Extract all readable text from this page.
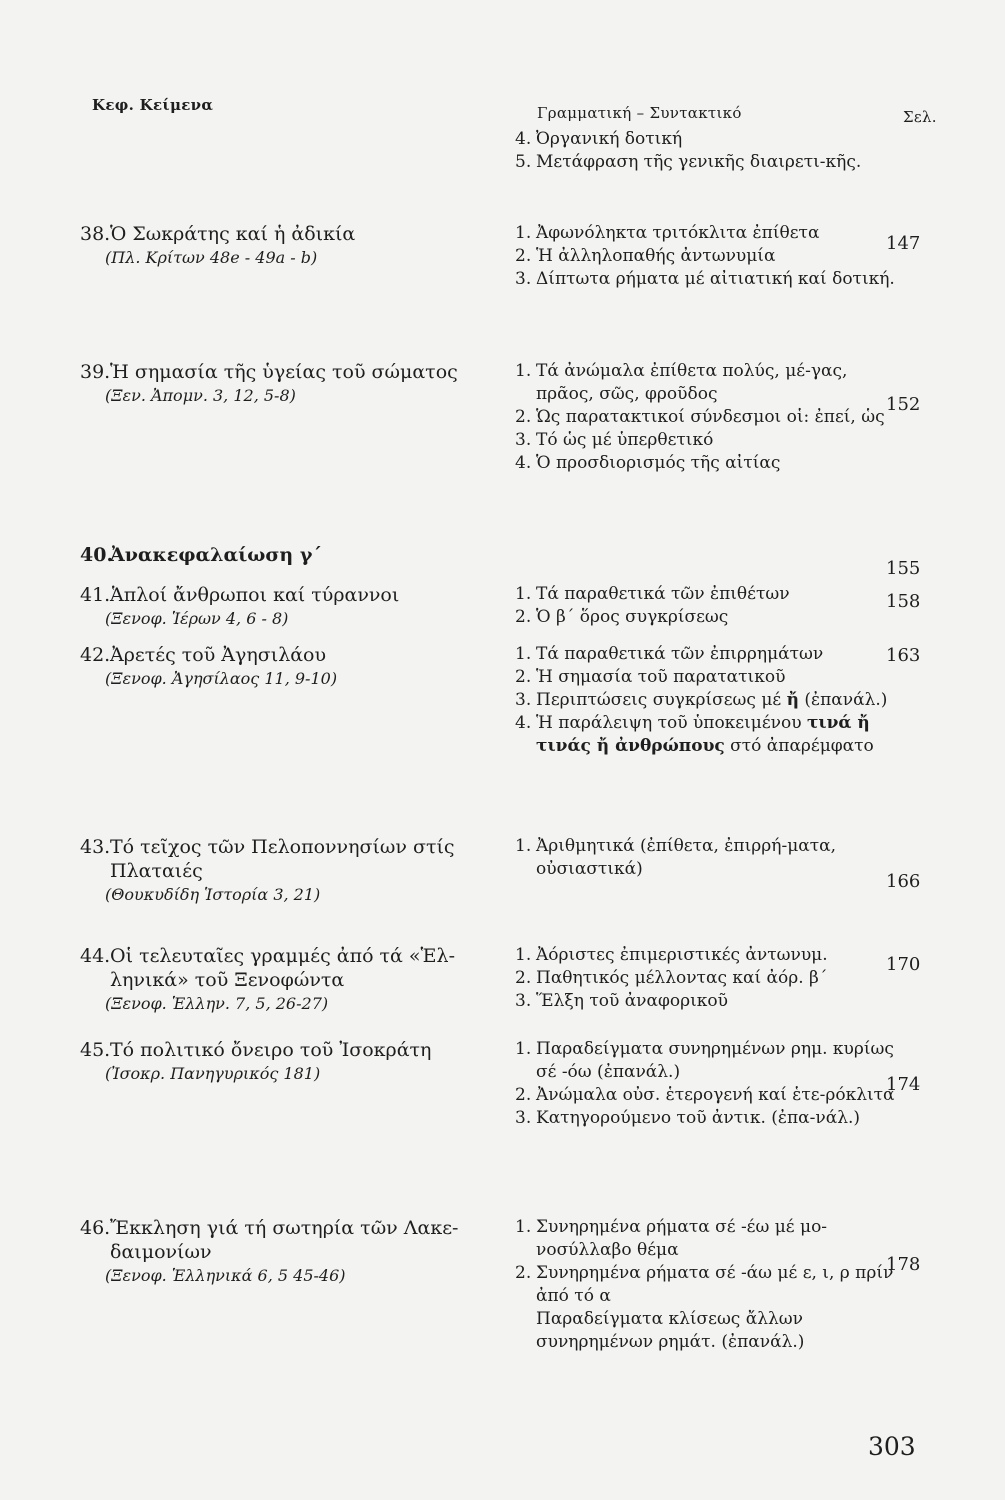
Κεφ. Κείμενα	Γραμματική – Συντακτικό	Σελ.
4. Ὀργανική δοτική
5. Μετάφραση τῆς γενικῆς διαιρετι-κῆς.
38.Ὁ Σωκράτης καί ἡ ἀδικία
(Πλ. Κρίτων 48e - 49a - b)
1. Ἀφωνόληκτα τριτόκλιτα ἐπίθετα
2. Ἡ ἀλληλοπαθής ἀντωνυμία
3. Δίπτωτα ρήματα μέ αἰτιατική καί δοτική.
147
39.Ἡ σημασία τῆς ὑγείας τοῦ σώματος
(Ξεν. Ἀπομν. 3, 12, 5-8)
1. Τά ἀνώμαλα ἐπίθετα πολύς, μέ-γας, πρᾶος, σῶς, φροῦδος
2. Ὡς παρατακτικοί σύνδεσμοι οἱ: ἐπεί, ὡς
3. Τό ὡς μέ ὑπερθετικό
4. Ὁ προσδιορισμός τῆς αἰτίας
152
40.Ἀνακεφαλαίωση γ΄
155
41.Ἁπλοί ἄνθρωποι καί τύραννοι
(Ξενοφ. Ἱέρων 4, 6 - 8)
1. Τά παραθετικά τῶν ἐπιθέτων
2. Ὁ β΄ ὅρος συγκρίσεως
158
42.Ἀρετές τοῦ Ἀγησιλάου
(Ξενοφ. Ἀγησίλαος 11, 9-10)
1. Τά παραθετικά τῶν ἐπιρρημάτων
2. Ἡ σημασία τοῦ παρατατικοῦ
3. Περιπτώσεις συγκρίσεως μέ ἤ (ἐπανάλ.)
4. Ἡ παράλειψη τοῦ ὑποκειμένου τινά ἤ τινάς ἤ ἀνθρώπους στό ἀπαρέμφατο
163
43.Τό τεῖχος τῶν Πελοποννησίων στίς
Πλαταιές
(Θουκυδίδη Ἱστορία 3, 21)
1. Ἀριθμητικά (ἐπίθετα, ἐπιρρή-ματα, οὐσιαστικά)
166
44.Οἱ τελευταῖες γραμμές ἀπό τά «Ἑλ-
ληνικά» τοῦ Ξενοφώντα
(Ξενοφ. Ἑλλην. 7, 5, 26-27)
1. Ἀόριστες ἐπιμεριστικές ἀντωνυμ.
2. Παθητικός μέλλοντας καί ἀόρ. β΄
3. Ἕλξη τοῦ ἀναφορικοῦ
170
45.Τό πολιτικό ὄνειρο τοῦ Ἰσοκράτη
(Ἰσοκρ. Πανηγυρικός 181)
1. Παραδείγματα συνηρημένων ρημ. κυρίως σέ -όω (ἐπανάλ.)
2. Ἀνώμαλα οὐσ. ἑτερογενή καί ἑτε-ρόκλιτα
3. Κατηγορούμενο τοῦ ἀντικ. (ἐπα-νάλ.)
174
46.Ἔκκληση γιά τή σωτηρία τῶν Λακε-
δαιμονίων
(Ξενοφ. Ἑλληνικά 6, 5 45-46)
1. Συνηρημένα ρήματα σέ -έω μέ μο-νοσύλλαβο θέμα
2. Συνηρημένα ρήματα σέ -άω μέ ε, ι, ρ πρίν ἀπό τό α
Παραδείγματα κλίσεως ἄλλων συνηρημένων ρημάτ. (ἐπανάλ.)
178
303
